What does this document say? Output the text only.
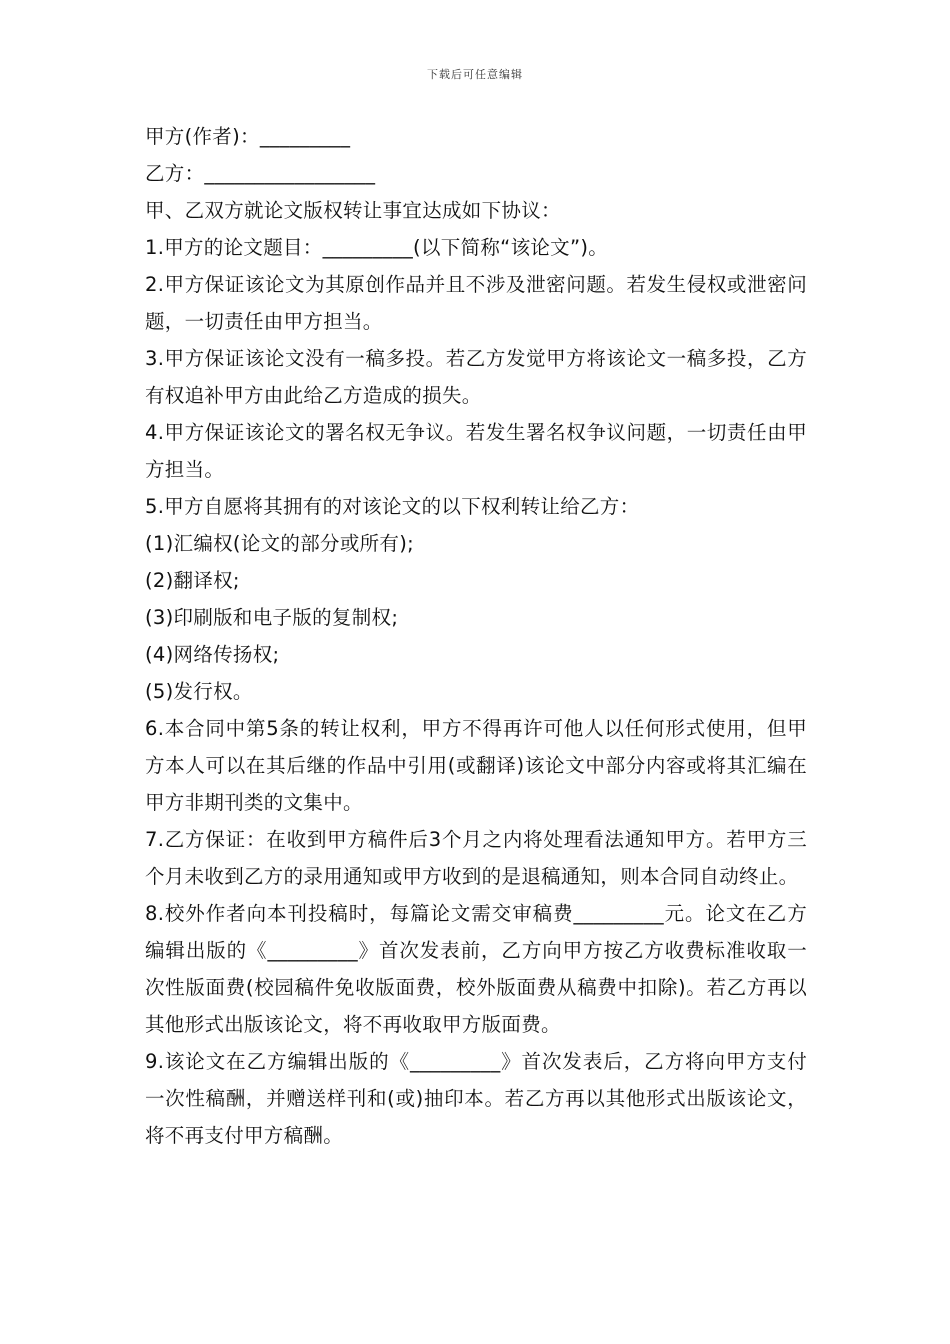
下载后可任意编辑

甲方(作者)：_________

乙方：_________________

甲、乙双方就论文版权转让事宜达成如下协议：

1.甲方的论文题目：_________(以下简称“该论文”)。

2.甲方保证该论文为其原创作品并且不涉及泄密问题。若发生侵权或泄密问题，一切责任由甲方担当。

3.甲方保证该论文没有一稿多投。若乙方发觉甲方将该论文一稿多投，乙方有权追补甲方由此给乙方造成的损失。

4.甲方保证该论文的署名权无争议。若发生署名权争议问题，一切责任由甲方担当。

5.甲方自愿将其拥有的对该论文的以下权利转让给乙方：

(1)汇编权(论文的部分或所有);

(2)翻译权;

(3)印刷版和电子版的复制权;

(4)网络传扬权;

(5)发行权。

6.本合同中第5条的转让权利，甲方不得再许可他人以任何形式使用，但甲方本人可以在其后继的作品中引用(或翻译)该论文中部分内容或将其汇编在甲方非期刊类的文集中。

7.乙方保证：在收到甲方稿件后3个月之内将处理看法通知甲方。若甲方三个月未收到乙方的录用通知或甲方收到的是退稿通知，则本合同自动终止。

8.校外作者向本刊投稿时，每篇论文需交审稿费_________元。论文在乙方编辑出版的《_________》首次发表前，乙方向甲方按乙方收费标准收取一次性版面费(校园稿件免收版面费，校外版面费从稿费中扣除)。若乙方再以其他形式出版该论文，将不再收取甲方版面费。

9.该论文在乙方编辑出版的《_________》首次发表后，乙方将向甲方支付一次性稿酬，并赠送样刊和(或)抽印本。若乙方再以其他形式出版该论文，将不再支付甲方稿酬。
